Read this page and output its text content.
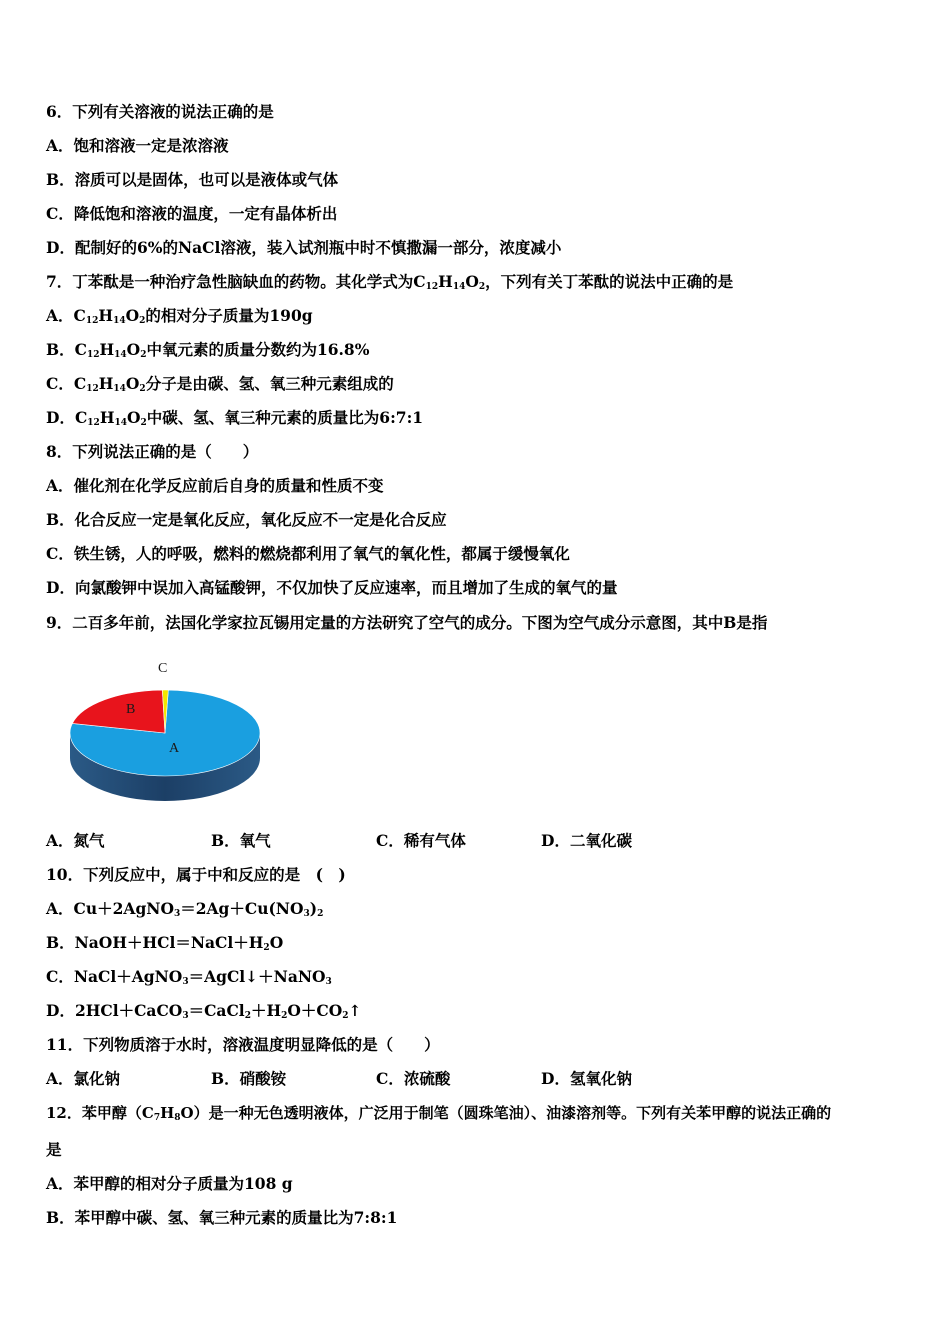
6．下列有关溶液的说法正确的是
A．饱和溶液一定是浓溶液
B．溶质可以是固体，也可以是液体或气体
C．降低饱和溶液的温度，一定有晶体析出
D．配制好的6%的NaCl溶液，装入试剂瓶中时不慎撒漏一部分，浓度减小
7．丁苯酞是一种治疗急性脑缺血的药物。其化学式为$C_{12}H_{14}O_2$，下列有关丁苯酞的说法中正确的是
A．$C_{12}H_{14}O_2$的相对分子质量为190g
B．$C_{12}H_{14}O_2$中氧元素的质量分数约为16.8%
C．$C_{12}H_{14}O_2$分子是由碳、氢、氧三种元素组成的
D．$C_{12}H_{14}O_2$中碳、氢、氧三种元素的质量比为6:7:1
8．下列说法正确的是（　　）
A．催化剂在化学反应前后自身的质量和性质不变
B．化合反应一定是氧化反应，氧化反应不一定是化合反应
C．铁生锈，人的呼吸，燃料的燃烧都利用了氧气的氧化性，都属于缓慢氧化
D．向氯酸钾中误加入高锰酸钾，不仅加快了反应速率，而且增加了生成的氧气的量
9．二百多年前，法国化学家拉瓦锡用定量的方法研究了空气的成分。下图为空气成分示意图，其中B是指
A
B
C
A．氮气	B．氧气	C．稀有气体	D．二氧化碳
10．下列反应中，属于中和反应的是　(　)
A．$Cu+2AgNO_3=2Ag+Cu(NO_3)_2$
B．$NaOH+HCl=NaCl+H_2O$
C．NaCl＋AgNO$_3$＝AgCl↓＋NaNO$_3$
D．$2HCl+CaCO_3=CaCl_2+H_2O+CO_2↑$
11．下列物质溶于水时，溶液温度明显降低的是（　　）
A．氯化钠	B．硝酸铵	C．浓硫酸	D．氢氧化钠
12．苯甲醇$(C_7H_8O)$是一种无色透明液体，广泛用于制笔（圆珠笔油）、油漆溶剂等。下列有关苯甲醇的说法正确的
是
A．苯甲醇的相对分子质量为108 g
B．苯甲醇中碳、氢、氧三种元素的质量比为7:8:1
